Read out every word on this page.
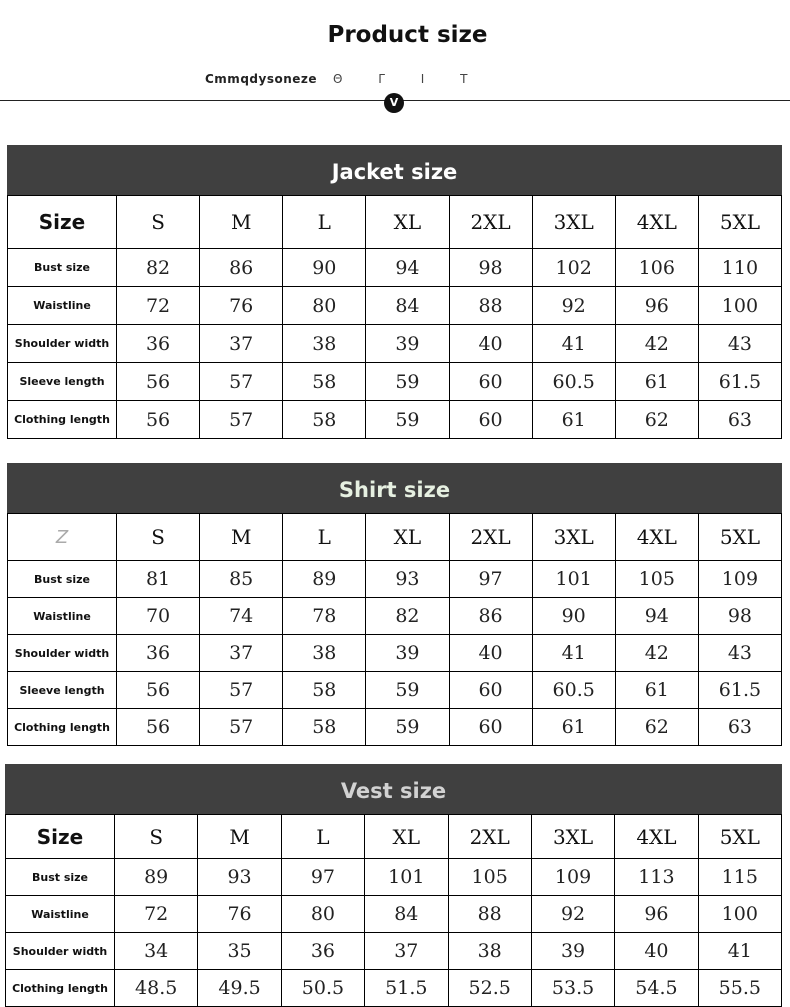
Product size
Cmmqdysoneze Θ Γ I T
V
Jacket size
Size	S	M	L	XL	2XL	3XL	4XL	5XL
Bust size	82	86	90	94	98	102	106	110
Waistline	72	76	80	84	88	92	96	100
Shoulder width	36	37	38	39	40	41	42	43
Sleeve length	56	57	58	59	60	60.5	61	61.5
Clothing length	56	57	58	59	60	61	62	63
Shirt size
Z	S	M	L	XL	2XL	3XL	4XL	5XL
Bust size	81	85	89	93	97	101	105	109
Waistline	70	74	78	82	86	90	94	98
Shoulder width	36	37	38	39	40	41	42	43
Sleeve length	56	57	58	59	60	60.5	61	61.5
Clothing length	56	57	58	59	60	61	62	63
Vest size
Size	S	M	L	XL	2XL	3XL	4XL	5XL
Bust size	89	93	97	101	105	109	113	115
Waistline	72	76	80	84	88	92	96	100
Shoulder width	34	35	36	37	38	39	40	41
Clothing length	48.5	49.5	50.5	51.5	52.5	53.5	54.5	55.5
